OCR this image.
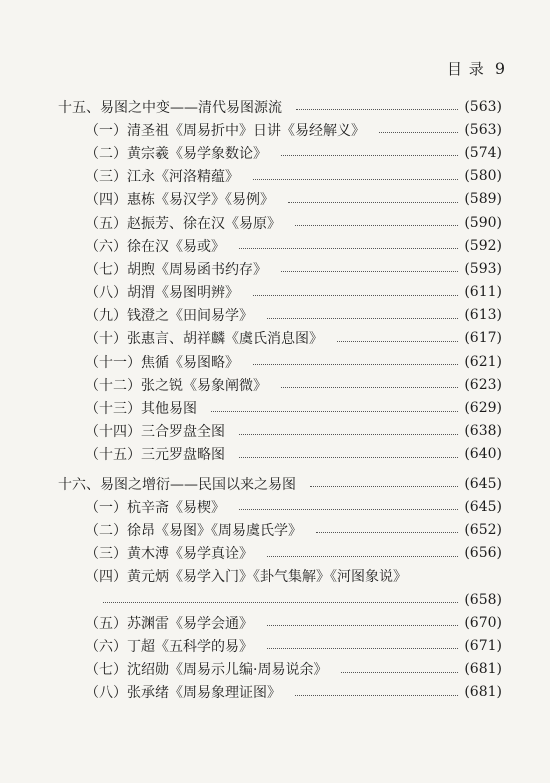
目 录 9
十五、易图之中变——清代易图源流	(563)
（一）清圣祖《周易折中》日讲《易经解义》	(563)
（二）黄宗羲《易学象数论》	(574)
（三）江永《河洛精蕴》	(580)
（四）惠栋《易汉学》《易例》	(589)
（五）赵振芳、徐在汉《易原》	(590)
（六）徐在汉《易或》	(592)
（七）胡煦《周易函书约存》	(593)
（八）胡渭《易图明辨》	(611)
（九）钱澄之《田间易学》	(613)
（十）张惠言、胡祥麟《虞氏消息图》	(617)
（十一）焦循《易图略》	(621)
（十二）张之锐《易象阐微》	(623)
（十三）其他易图	(629)
（十四）三合罗盘全图	(638)
（十五）三元罗盘略图	(640)
十六、易图之增衍——民国以来之易图	(645)
（一）杭辛斋《易楔》	(645)
（二）徐昂《易图》《周易虞氏学》	(652)
（三）黄木溥《易学真诠》	(656)
（四）黄元炳《易学入门》《卦气集解》《河图象说》
(658)
（五）苏渊雷《易学会通》	(670)
（六）丁超《五科学的易》	(671)
（七）沈绍勋《周易示儿编·周易说余》	(681)
（八）张承绪《周易象理证图》	(681)
